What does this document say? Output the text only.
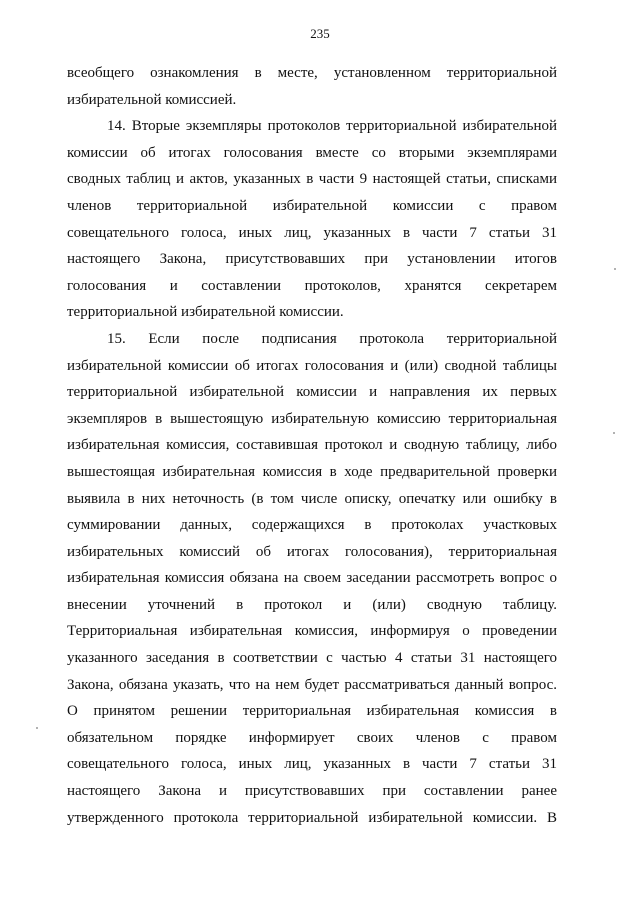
235
всеобщего ознакомления в месте, установленном территориальной
избирательной комиссией.
14. Вторые экземпляры протоколов территориальной избирательной
комиссии об итогах голосования вместе со вторыми экземплярами
сводных таблиц и актов, указанных в части 9 настоящей статьи, списками
членов территориальной избирательной комиссии с правом
совещательного голоса, иных лиц, указанных в части 7 статьи 31
настоящего Закона, присутствовавших при установлении итогов
голосования и составлении протоколов, хранятся секретарем
территориальной избирательной комиссии.
15. Если после подписания протокола территориальной
избирательной комиссии об итогах голосования и (или) сводной таблицы
территориальной избирательной комиссии и направления их первых
экземпляров в вышестоящую избирательную комиссию территориальная
избирательная комиссия, составившая протокол и сводную таблицу, либо
вышестоящая избирательная комиссия в ходе предварительной проверки
выявила в них неточность (в том числе описку, опечатку или ошибку в
суммировании данных, содержащихся в протоколах участковых
избирательных комиссий об итогах голосования), территориальная
избирательная комиссия обязана на своем заседании рассмотреть вопрос о
внесении уточнений в протокол и (или) сводную таблицу.
Территориальная избирательная комиссия, информируя о проведении
указанного заседания в соответствии с частью 4 статьи 31 настоящего
Закона, обязана указать, что на нем будет рассматриваться данный вопрос.
О принятом решении территориальная избирательная комиссия в
обязательном порядке информирует своих членов с правом
совещательного голоса, иных лиц, указанных в части 7 статьи 31
настоящего Закона и присутствовавших при составлении ранее
утвержденного протокола территориальной избирательной комиссии. В
